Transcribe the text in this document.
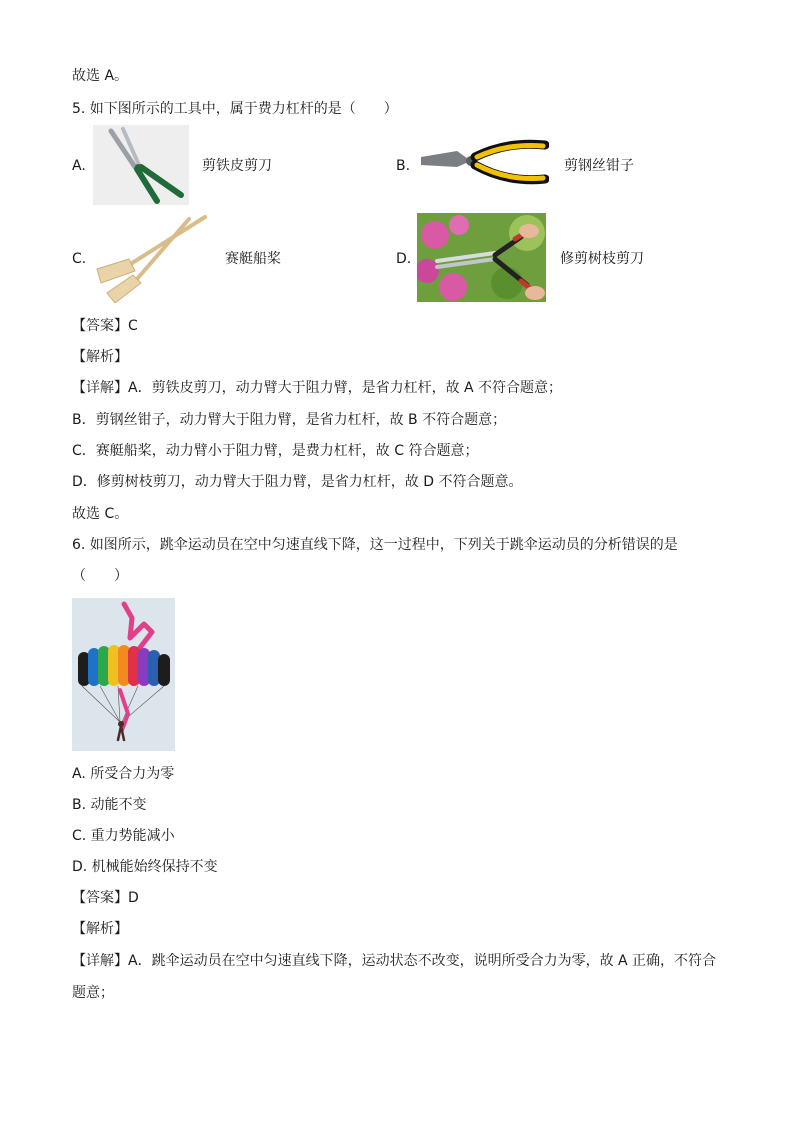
故选 A。
5. 如下图所示的工具中，属于费力杠杆的是（　　）
A.	剪铁皮剪刀	B.	剪钢丝钳子
C.	赛艇船桨	D.	修剪树枝剪刀
【答案】C
【解析】
【详解】A．剪铁皮剪刀，动力臂大于阻力臂，是省力杠杆，故 A 不符合题意；
B．剪钢丝钳子，动力臂大于阻力臂，是省力杠杆，故 B 不符合题意；
C．赛艇船桨，动力臂小于阻力臂，是费力杠杆，故 C 符合题意；
D．修剪树枝剪刀，动力臂大于阻力臂，是省力杠杆，故 D 不符合题意。
故选 C。
6. 如图所示，跳伞运动员在空中匀速直线下降，这一过程中，下列关于跳伞运动员的分析错误的是
（　　）
A. 所受合力为零
B. 动能不变
C. 重力势能减小
D. 机械能始终保持不变
【答案】D
【解析】
【详解】A．跳伞运动员在空中匀速直线下降，运动状态不改变，说明所受合力为零，故 A 正确，不符合
题意；
